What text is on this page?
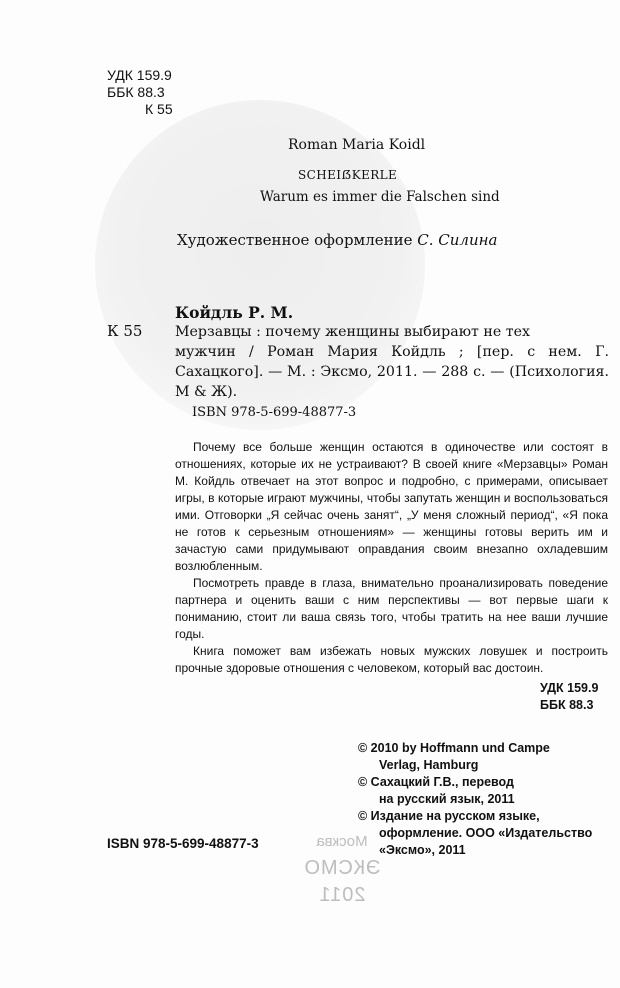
УДК 159.9
ББК 88.3
К 55
Roman Maria Koidl
SCHEIẞKERLE
Warum es immer die Falschen sind
Художественное оформление С. Силина
Койдль Р. М.
К 55 Мерзавцы : почему женщины выбирают не тех
мужчин / Роман Мария Койдль ; [пер. с нем. Г. Сахацкого]. — М. : Эксмо, 2011. — 288 с. — (Психология. М & Ж).
ISBN 978-5-699-48877-3

Почему все больше женщин остаются в одиночестве или состоят в отношениях, которые их не устраивают? В своей книге «Мерзавцы» Роман М. Койдль отвечает на этот вопрос и подробно, с примерами, описывает игры, в которые играют мужчины, чтобы запутать женщин и воспользоваться ими. Отговорки „Я сейчас очень занят“, „У меня сложный период“, «Я пока не готов к серьезным отношениям» — женщины готовы верить им и зачастую сами придумывают оправдания своим внезапно охладевшим возлюбленным.

Посмотреть правде в глаза, внимательно проанализировать поведение партнера и оценить ваши с ним перспективы — вот первые шаги к пониманию, стоит ли ваша связь того, чтобы тратить на нее ваши лучшие годы.

Книга поможет вам избежать новых мужских ловушек и построить прочные здоровые отношения с человеком, который вас достоин.

УДК 159.9
ББК 88.3
© 2010 by Hoffmann und Campe
Verlag, Hamburg
© Сахацкий Г.В., перевод
на русский язык, 2011
© Издание на русском языке,
оформление. ООО «Издательство
«Эксмо», 2011
Москва
ЭКСМО
2011
ISBN 978-5-699-48877-3
